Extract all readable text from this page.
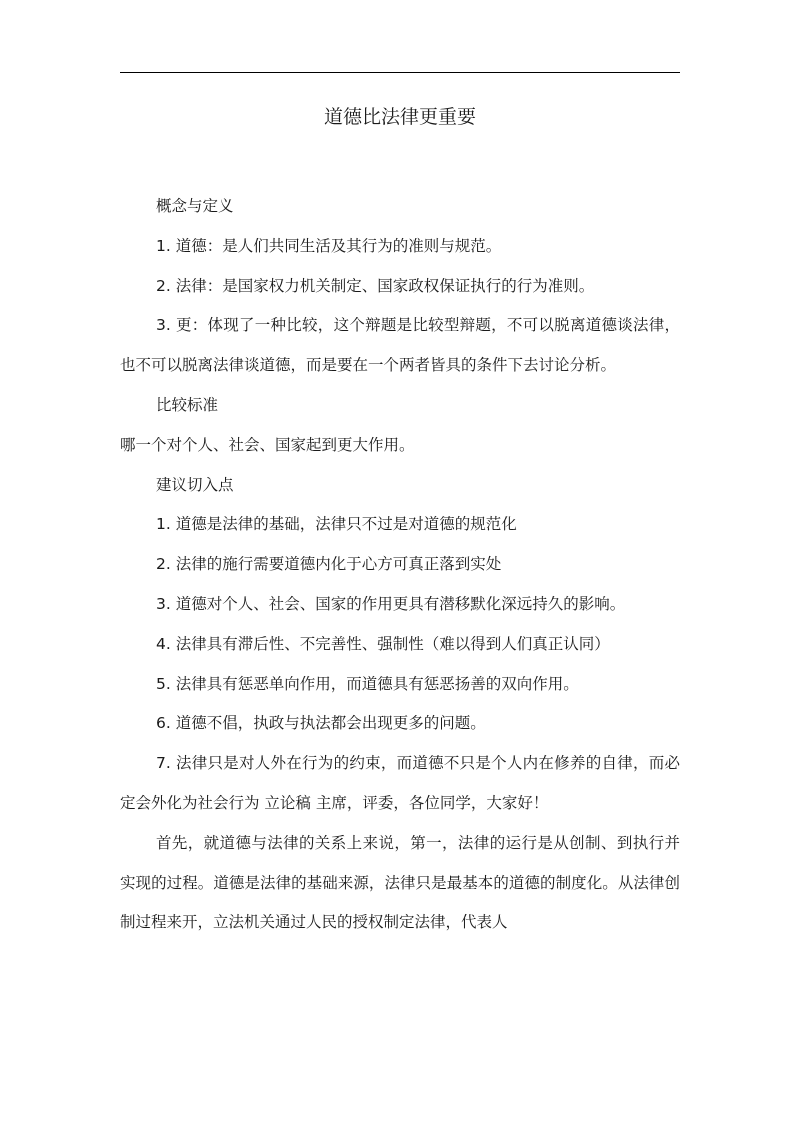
道德比法律更重要

概念与定义

1. 道德：是人们共同生活及其行为的准则与规范。

2. 法律：是国家权力机关制定、国家政权保证执行的行为准则。

3. 更：体现了一种比较，这个辩题是比较型辩题，不可以脱离道德谈法律，也不可以脱离法律谈道德，而是要在一个两者皆具的条件下去讨论分析。

比较标准

哪一个对个人、社会、国家起到更大作用。

建议切入点

1. 道德是法律的基础，法律只不过是对道德的规范化

2. 法律的施行需要道德内化于心方可真正落到实处

3. 道德对个人、社会、国家的作用更具有潜移默化深远持久的影响。

4. 法律具有滞后性、不完善性、强制性（难以得到人们真正认同）

5. 法律具有惩恶单向作用，而道德具有惩恶扬善的双向作用。

6. 道德不倡，执政与执法都会出现更多的问题。

7. 法律只是对人外在行为的约束，而道德不只是个人内在修养的自律，而必定会外化为社会行为 立论稿 主席，评委，各位同学，大家好！

首先，就道德与法律的关系上来说，第一，法律的运行是从创制、到执行并实现的过程。道德是法律的基础来源，法律只是最基本的道德的制度化。从法律创制过程来开，立法机关通过人民的授权制定法律，代表人
